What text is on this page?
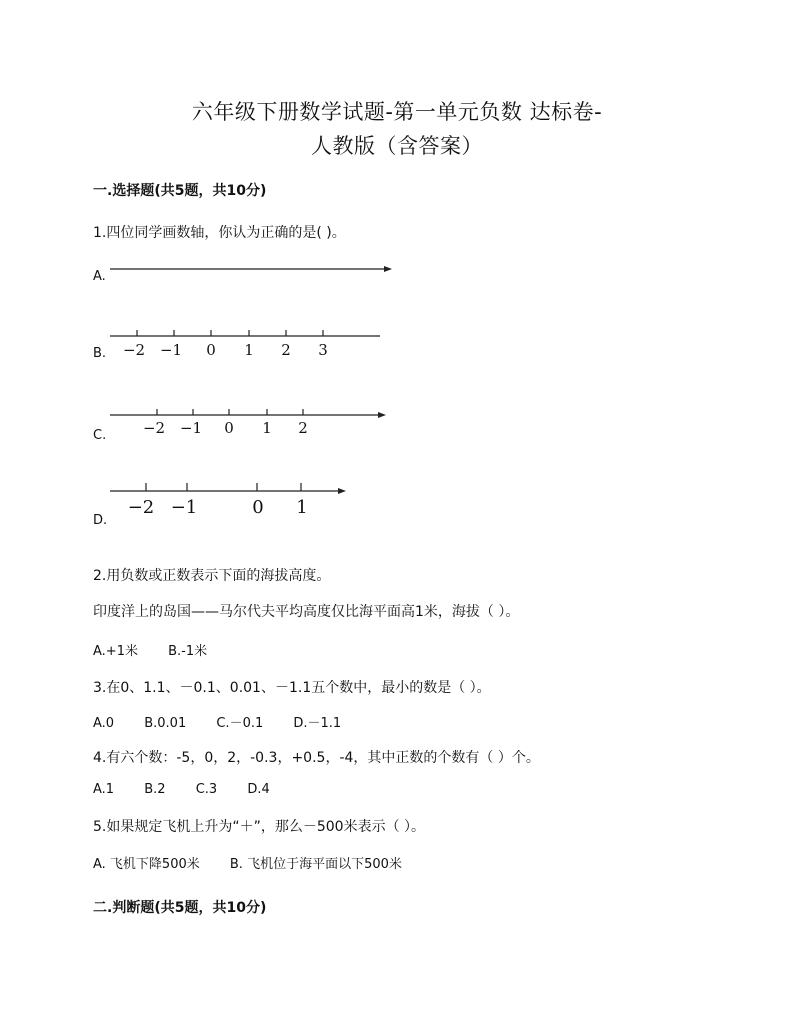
六年级下册数学试题-第一单元负数 达标卷-
人教版（含答案）
一.选择题(共5题，共10分)
1.四位同学画数轴，你认为正确的是( )。
A.
B. −2 −1 0 1 2 3
C. −2 −1 0 1 2
D.
−2 −1	0 1
2.用负数或正数表示下面的海拔高度。
印度洋上的岛国——马尔代夫平均高度仅比海平面高1米，海拔（ ）。
A.+1米 B.-1米
3.在0、1.1、－0.1、0.01、－1.1五个数中，最小的数是（ ）。
A.0 B.0.01 C.－0.1 D.－1.1
4.有六个数：-5，0，2，-0.3，+0.5，-4，其中正数的个数有（ ）个。
A.1 B.2 C.3 D.4
5.如果规定飞机上升为“＋”，那么－500米表示（ ）。
A. 飞机下降500米 B. 飞机位于海平面以下500米
二.判断题(共5题，共10分)
